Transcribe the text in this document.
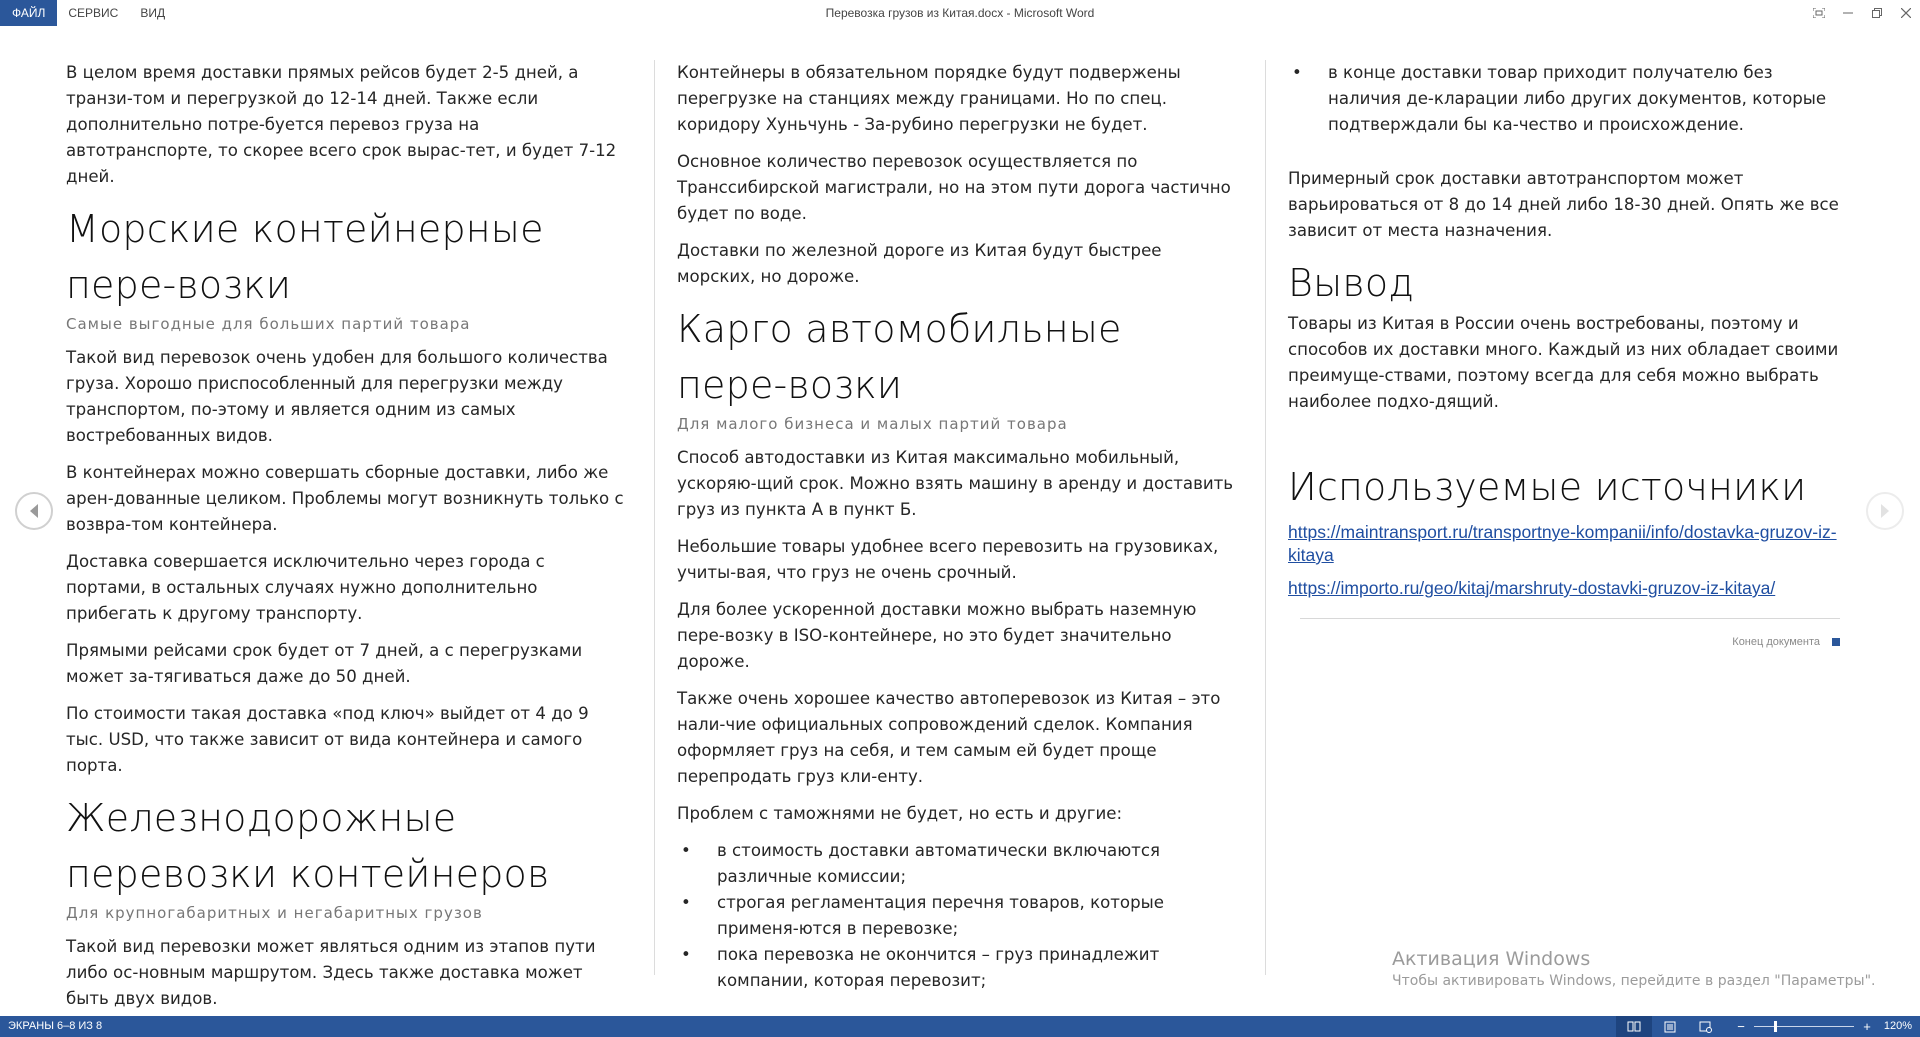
Перевозка грузов из Китая.docx - Microsoft Word
ФАЙЛ	СЕРВИС	ВИД

В целом время доставки прямых рейсов будет 2-5 дней, а транзи-том и перегрузкой до 12-14 дней. Также если дополнительно потре-буется перевоз груза на автотранспорте, то скорее всего срок вырас-тет, и будет 7-12 дней.

Морские контейнерные пере-возки
Самые выгодные для больших партий товара

Такой вид перевозок очень удобен для большого количества груза. Хорошо приспособленный для перегрузки между транспортом, по-этому и является одним из самых востребованных видов.

В контейнерах можно совершать сборные доставки, либо же арен-дованные целиком. Проблемы могут возникнуть только с возвра-том контейнера.

Доставка совершается исключительно через города с портами, в остальных случаях нужно дополнительно прибегать к другому транспорту.

Прямыми рейсами срок будет от 7 дней, а с перегрузками может за-тягиваться даже до 50 дней.

По стоимости такая доставка «под ключ» выйдет от 4 до 9 тыс. USD, что также зависит от вида контейнера и самого порта.

Железнодорожные перевозки контейнеров
Для крупногабаритных и негабаритных грузов

Такой вид перевозки может являться одним из этапов пути либо ос-новным маршрутом. Здесь также доставка может быть двух видов.

Контейнеры в обязательном порядке будут подвержены перегрузке на станциях между границами. Но по спец. коридору Хуньчунь - За-рубино перегрузки не будет.

Основное количество перевозок осуществляется по Транссибирской магистрали, но на этом пути дорога частично будет по воде.

Доставки по железной дороге из Китая будут быстрее морских, но дороже.

Карго автомобильные пере-возки
Для малого бизнеса и малых партий товара

Способ автодоставки из Китая максимально мобильный, ускоряю-щий срок. Можно взять машину в аренду и доставить груз из пункта А в пункт Б.

Небольшие товары удобнее всего перевозить на грузовиках, учиты-вая, что груз не очень срочный.

Для более ускоренной доставки можно выбрать наземную пере-возку в ISO-контейнере, но это будет значительно дороже.

Также очень хорошее качество автоперевозок из Китая – это нали-чие официальных сопровождений сделок. Компания оформляет груз на себя, и тем самым ей будет проще перепродать груз кли-енту.

Проблем с таможнями не будет, но есть и другие:

•	в стоимость доставки автоматически включаются различные комиссии;
•	строгая регламентация перечня товаров, которые применя-ются в перевозке;
•	пока перевозка не окончится – груз принадлежит компании, которая перевозит;
•	в конце доставки товар приходит получателю без наличия де-кларации либо других документов, которые подтверждали бы ка-чество и происхождение.

Примерный срок доставки автотранспортом может варьироваться от 8 до 14 дней либо 18-30 дней. Опять же все зависит от места назначения.

Вывод

Товары из Китая в России очень востребованы, поэтому и способов их доставки много. Каждый из них обладает своими преимуще-ствами, поэтому всегда для себя можно выбрать наиболее подхо-дящий.

Используемые источники
https://maintransport.ru/transportnye-kompanii/info/dostavka-gruzov-iz-kitaya
https://importo.ru/geo/kitaj/marshruty-dostavki-gruzov-iz-kitaya/
Конец документа
Активация Windows
Чтобы активировать Windows, перейдите в раздел "Параметры".
ЭКРАНЫ 6–8 ИЗ 8	−	+	120%
